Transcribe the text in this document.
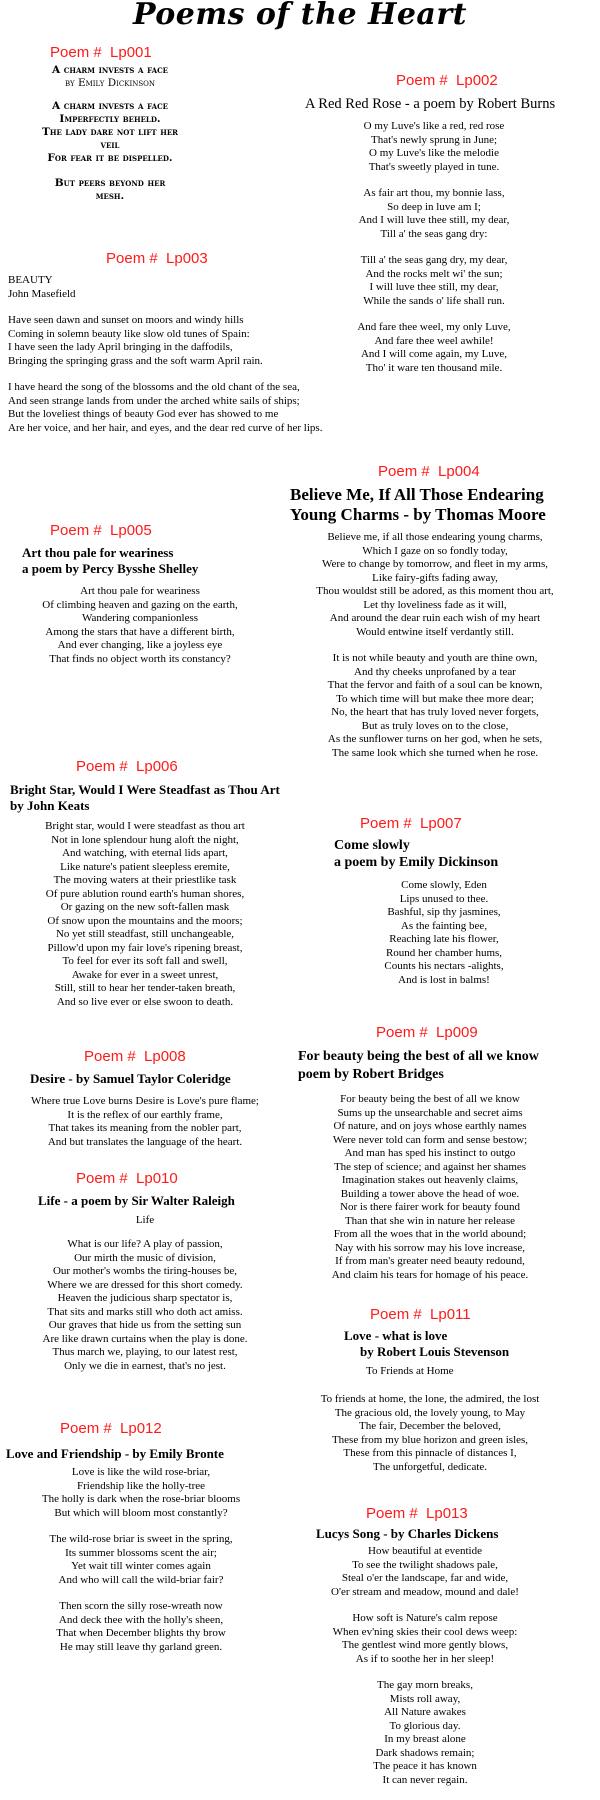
Poems of the Heart
Poem #  Lp001
A charm invests a face
by Emily Dickinson
A charm invests a face
Imperfectly beheld.
The lady dare not lift her
veil
For fear it be dispelled.
But peers beyond her
mesh.
Poem #  Lp002
A Red Red Rose - a poem by Robert Burns
O my Luve's like a red, red rose
That's newly sprung in June;
O my Luve's like the melodie
That's sweetly played in tune.
As fair art thou, my bonnie lass,
So deep in luve am I;
And I will luve thee still, my dear,
Till a' the seas gang dry:
Till a' the seas gang dry, my dear,
And the rocks melt wi' the sun;
I will luve thee still, my dear,
While the sands o' life shall run.
And fare thee weel, my only Luve,
And fare thee weel awhile!
And I will come again, my Luve,
Tho' it ware ten thousand mile.
Poem #  Lp003
BEAUTY
John Masefield
Have seen dawn and sunset on moors and windy hills
Coming in solemn beauty like slow old tunes of Spain:
I have seen the lady April bringing in the daffodils,
Bringing the springing grass and the soft warm April rain.
I have heard the song of the blossoms and the old chant of the sea,
And seen strange lands from under the arched white sails of ships;
But the loveliest things of beauty God ever has showed to me
Are her voice, and her hair, and eyes, and the dear red curve of her lips.
Poem #  Lp004
Believe Me, If All Those Endearing
Young Charms - by Thomas Moore
Believe me, if all those endearing young charms,
Which I gaze on so fondly today,
Were to change by tomorrow, and fleet in my arms,
Like fairy-gifts fading away,
Thou wouldst still be adored, as this moment thou art,
Let thy loveliness fade as it will,
And around the dear ruin each wish of my heart
Would entwine itself verdantly still.
It is not while beauty and youth are thine own,
And thy cheeks unprofaned by a tear
That the fervor and faith of a soul can be known,
To which time will but make thee more dear;
No, the heart that has truly loved never forgets,
But as truly loves on to the close,
As the sunflower turns on her god, when he sets,
The same look which she turned when he rose.
Poem #  Lp005
Art thou pale for weariness
a poem by Percy Bysshe Shelley
Art thou pale for weariness
Of climbing heaven and gazing on the earth,
Wandering companionless
Among the stars that have a different birth,
And ever changing, like a joyless eye
That finds no object worth its constancy?
Poem #  Lp006
Bright Star, Would I Were Steadfast as Thou Art
by John Keats
Bright star, would I were steadfast as thou art
Not in lone splendour hung aloft the night,
And watching, with eternal lids apart,
Like nature's patient sleepless eremite,
The moving waters at their priestlike task
Of pure ablution round earth's human shores,
Or gazing on the new soft-fallen mask
Of snow upon the mountains and the moors;
No yet still steadfast, still unchangeable,
Pillow'd upon my fair love's ripening breast,
To feel for ever its soft fall and swell,
Awake for ever in a sweet unrest,
Still, still to hear her tender-taken breath,
And so live ever or else swoon to death.
Poem #  Lp007
Come slowly
a poem by Emily Dickinson
Come slowly, Eden
Lips unused to thee.
Bashful, sip thy jasmines,
As the fainting bee,
Reaching late his flower,
Round her chamber hums,
Counts his nectars -alights,
And is lost in balms!
Poem #  Lp008
Desire - by Samuel Taylor Coleridge
Where true Love burns Desire is Love's pure flame;
It is the reflex of our earthly frame,
That takes its meaning from the nobler part,
And but translates the language of the heart.
Poem #  Lp009
For beauty being the best of all we know
poem by Robert Bridges
For beauty being the best of all we know
Sums up the unsearchable and secret aims
Of nature, and on joys whose earthly names
Were never told can form and sense bestow;
And man has sped his instinct to outgo
The step of science; and against her shames
Imagination stakes out heavenly claims,
Building a tower above the head of woe.
Nor is there fairer work for beauty found
Than that she win in nature her release
From all the woes that in the world abound;
Nay with his sorrow may his love increase,
If from man's greater need beauty redound,
And claim his tears for homage of his peace.
Poem #  Lp010
Life - a poem by Sir Walter Raleigh
Life
What is our life? A play of passion,
Our mirth the music of division,
Our mother's wombs the tiring-houses be,
Where we are dressed for this short comedy.
Heaven the judicious sharp spectator is,
That sits and marks still who doth act amiss.
Our graves that hide us from the setting sun
Are like drawn curtains when the play is done.
Thus march we, playing, to our latest rest,
Only we die in earnest, that's no jest.
Poem #  Lp011
Love - what is love
by Robert Louis Stevenson
To Friends at Home
To friends at home, the lone, the admired, the lost
The gracious old, the lovely young, to May
The fair, December the beloved,
These from my blue horizon and green isles,
These from this pinnacle of distances I,
The unforgetful, dedicate.
Poem #  Lp012
Love and Friendship - by Emily Bronte
Love is like the wild rose-briar,
Friendship like the holly-tree
The holly is dark when the rose-briar blooms
But which will bloom most constantly?
The wild-rose briar is sweet in the spring,
Its summer blossoms scent the air;
Yet wait till winter comes again
And who will call the wild-briar fair?
Then scorn the silly rose-wreath now
And deck thee with the holly's sheen,
That when December blights thy brow
He may still leave thy garland green.
Poem #  Lp013
Lucys Song - by Charles Dickens
How beautiful at eventide
To see the twilight shadows pale,
Steal o'er the landscape, far and wide,
O'er stream and meadow, mound and dale!
How soft is Nature's calm repose
When ev'ning skies their cool dews weep:
The gentlest wind more gently blows,
As if to soothe her in her sleep!
The gay morn breaks,
Mists roll away,
All Nature awakes
To glorious day.
In my breast alone
Dark shadows remain;
The peace it has known
It can never regain.
